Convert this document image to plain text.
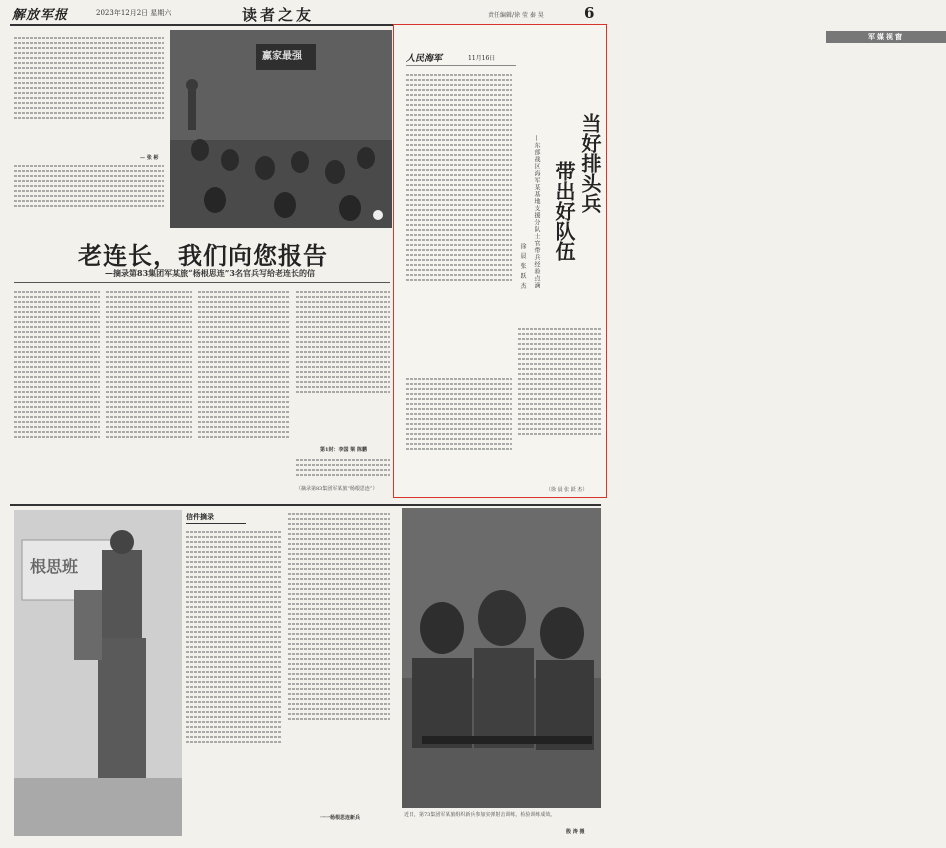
解放军报	2023年12月2日 星期六	读者之友	责任编辑/徐 莹 秦 昊	6
— 张 彬
赢家最强
老连长，我们向您报告
—摘录第83集团军某旅“杨根思连”3名官兵写给老连长的信
第1封：李国 梁 陈鹏
（摘录第83集团军某旅“杨根思连”）
军媒视窗
人民海军	11月16日
当好排头兵
带出好队伍
—东部战区海军某基地支援分队士官带兵经验点滴
徐 晨 张 跃 杰
（徐 晨 张 跃 杰）
根思班
信件摘录
一一杨根思连新兵	近日，第73集团军某旅组织新兵参加实弹射击训练，检验训练成效。
殷 涛 摄
